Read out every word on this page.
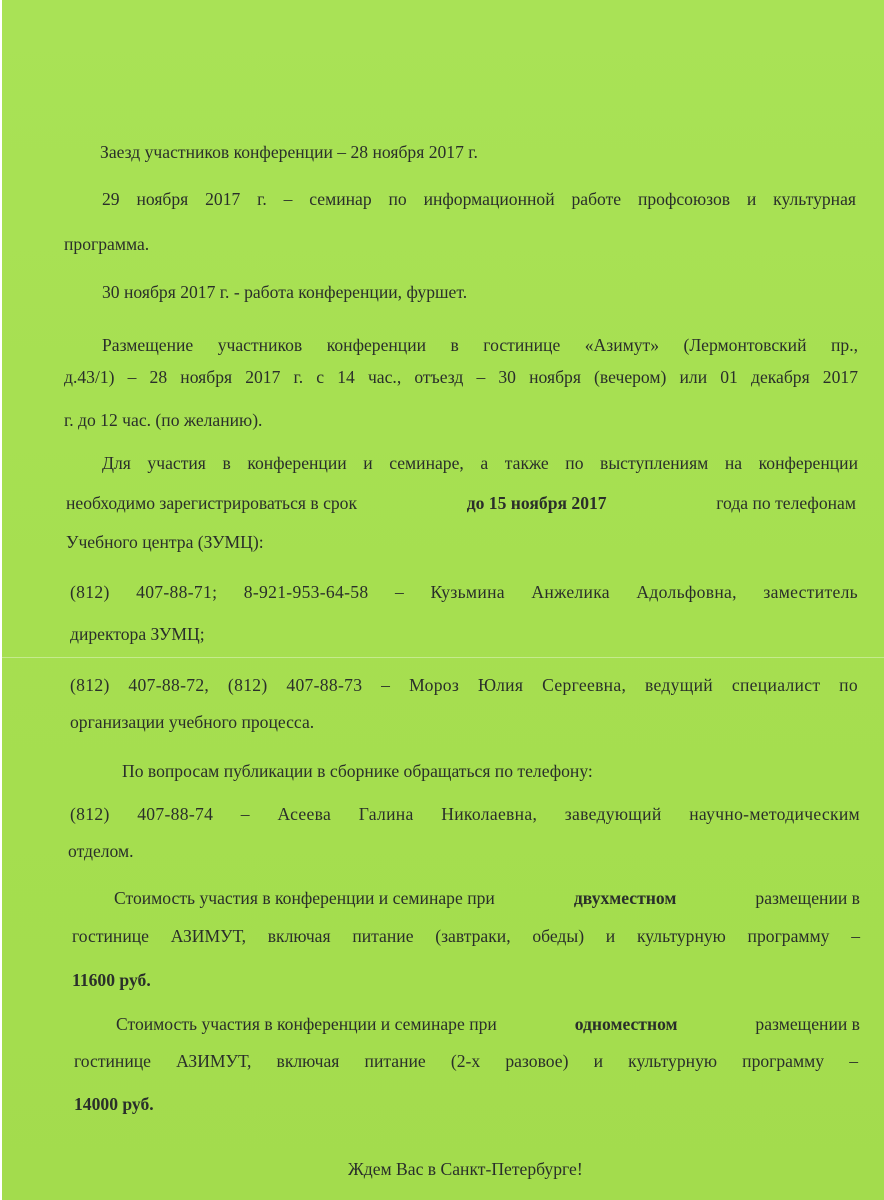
Заезд участников конференции – 28 ноября 2017 г.

29 ноября 2017 г. – семинар по информационной работе профсоюзов и культурная

программа.

30 ноября 2017 г. - работа конференции, фуршет.

Размещение участников конференции в гостинице «Азимут» (Лермонтовский пр.,

д.43/1) – 28 ноября 2017 г. с 14 час., отъезд – 30 ноября (вечером) или 01 декабря 2017

г. до 12 час. (по желанию).

Для участия в конференции и семинаре, а также по выступлениям на конференции

необходимо зарегистрироваться в срок	до 15 ноября 2017	года по телефонам

Учебного центра (ЗУМЦ):

(812) 407-88-71; 8-921-953-64-58 – Кузьмина Анжелика Адольфовна, заместитель

директора ЗУМЦ;

(812) 407-88-72, (812) 407-88-73 – Мороз Юлия Сергеевна, ведущий специалист по

организации учебного процесса.

По вопросам публикации в сборнике обращаться по телефону:

(812) 407-88-74 – Асеева Галина Николаевна, заведующий научно-методическим

отделом.

Стоимость участия в конференции и семинаре при	двухместном	размещении в

гостинице АЗИМУТ, включая питание (завтраки, обеды) и культурную программу –

11600 руб.

Стоимость участия в конференции и семинаре при	одноместном	размещении в

гостинице АЗИМУТ, включая питание (2-х разовое) и культурную программу –

14000 руб.

Ждем Вас в Санкт-Петербурге!
